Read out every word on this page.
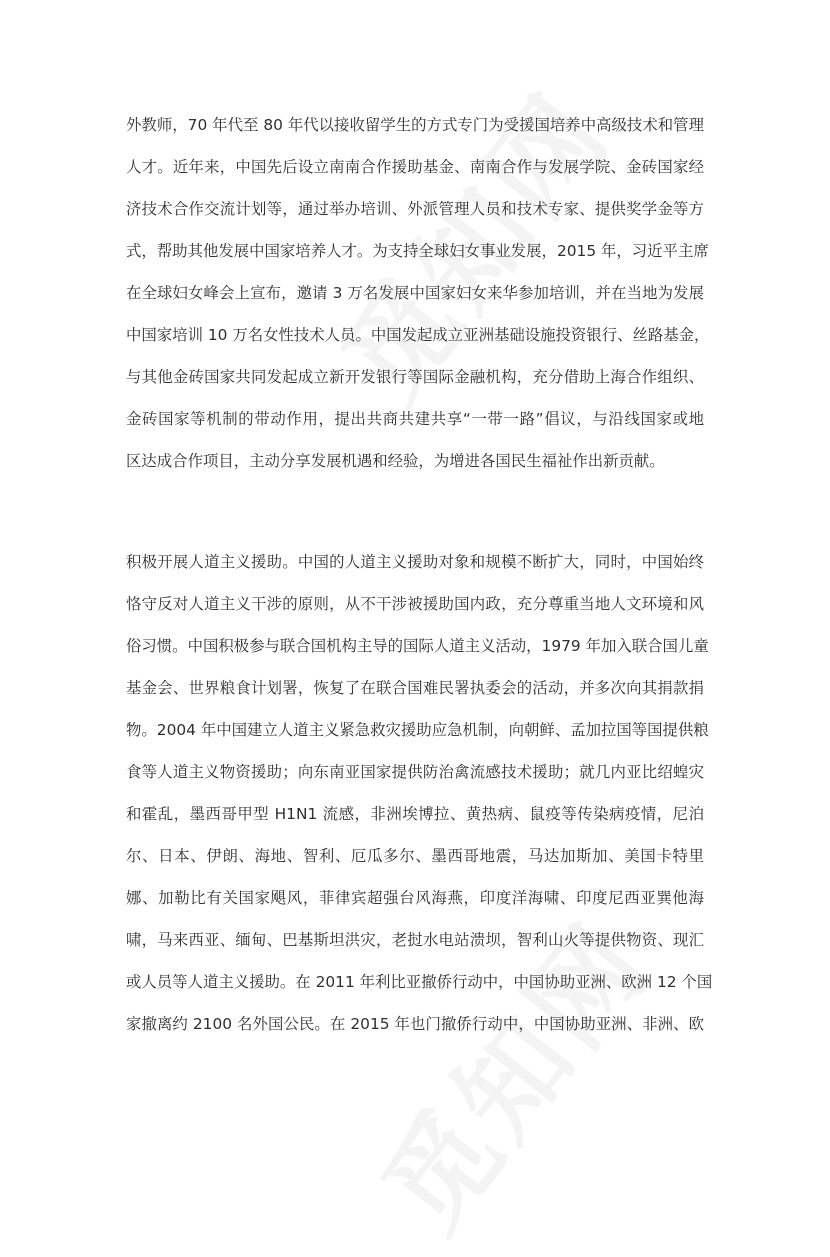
外教师，70 年代至 80 年代以接收留学生的方式专门为受援国培养中高级技术和管理
人才。近年来，中国先后设立南南合作援助基金、南南合作与发展学院、金砖国家经
济技术合作交流计划等，通过举办培训、外派管理人员和技术专家、提供奖学金等方
式，帮助其他发展中国家培养人才。为支持全球妇女事业发展，2015 年，习近平主席
在全球妇女峰会上宣布，邀请 3 万名发展中国家妇女来华参加培训，并在当地为发展
中国家培训 10 万名女性技术人员。中国发起成立亚洲基础设施投资银行、丝路基金，
与其他金砖国家共同发起成立新开发银行等国际金融机构，充分借助上海合作组织、
金砖国家等机制的带动作用，提出共商共建共享“一带一路”倡议，与沿线国家或地
区达成合作项目，主动分享发展机遇和经验，为增进各国民生福祉作出新贡献。
积极开展人道主义援助。中国的人道主义援助对象和规模不断扩大，同时，中国始终
恪守反对人道主义干涉的原则，从不干涉被援助国内政，充分尊重当地人文环境和风
俗习惯。中国积极参与联合国机构主导的国际人道主义活动，1979 年加入联合国儿童
基金会、世界粮食计划署，恢复了在联合国难民署执委会的活动，并多次向其捐款捐
物。2004 年中国建立人道主义紧急救灾援助应急机制，向朝鲜、孟加拉国等国提供粮
食等人道主义物资援助；向东南亚国家提供防治禽流感技术援助；就几内亚比绍蝗灾
和霍乱，墨西哥甲型 H1N1 流感，非洲埃博拉、黄热病、鼠疫等传染病疫情，尼泊
尔、日本、伊朗、海地、智利、厄瓜多尔、墨西哥地震，马达加斯加、美国卡特里
娜、加勒比有关国家飓风，菲律宾超强台风海燕，印度洋海啸、印度尼西亚巽他海
啸，马来西亚、缅甸、巴基斯坦洪灾，老挝水电站溃坝，智利山火等提供物资、现汇
或人员等人道主义援助。在 2011 年利比亚撤侨行动中，中国协助亚洲、欧洲 12 个国
家撤离约 2100 名外国公民。在 2015 年也门撤侨行动中，中国协助亚洲、非洲、欧
